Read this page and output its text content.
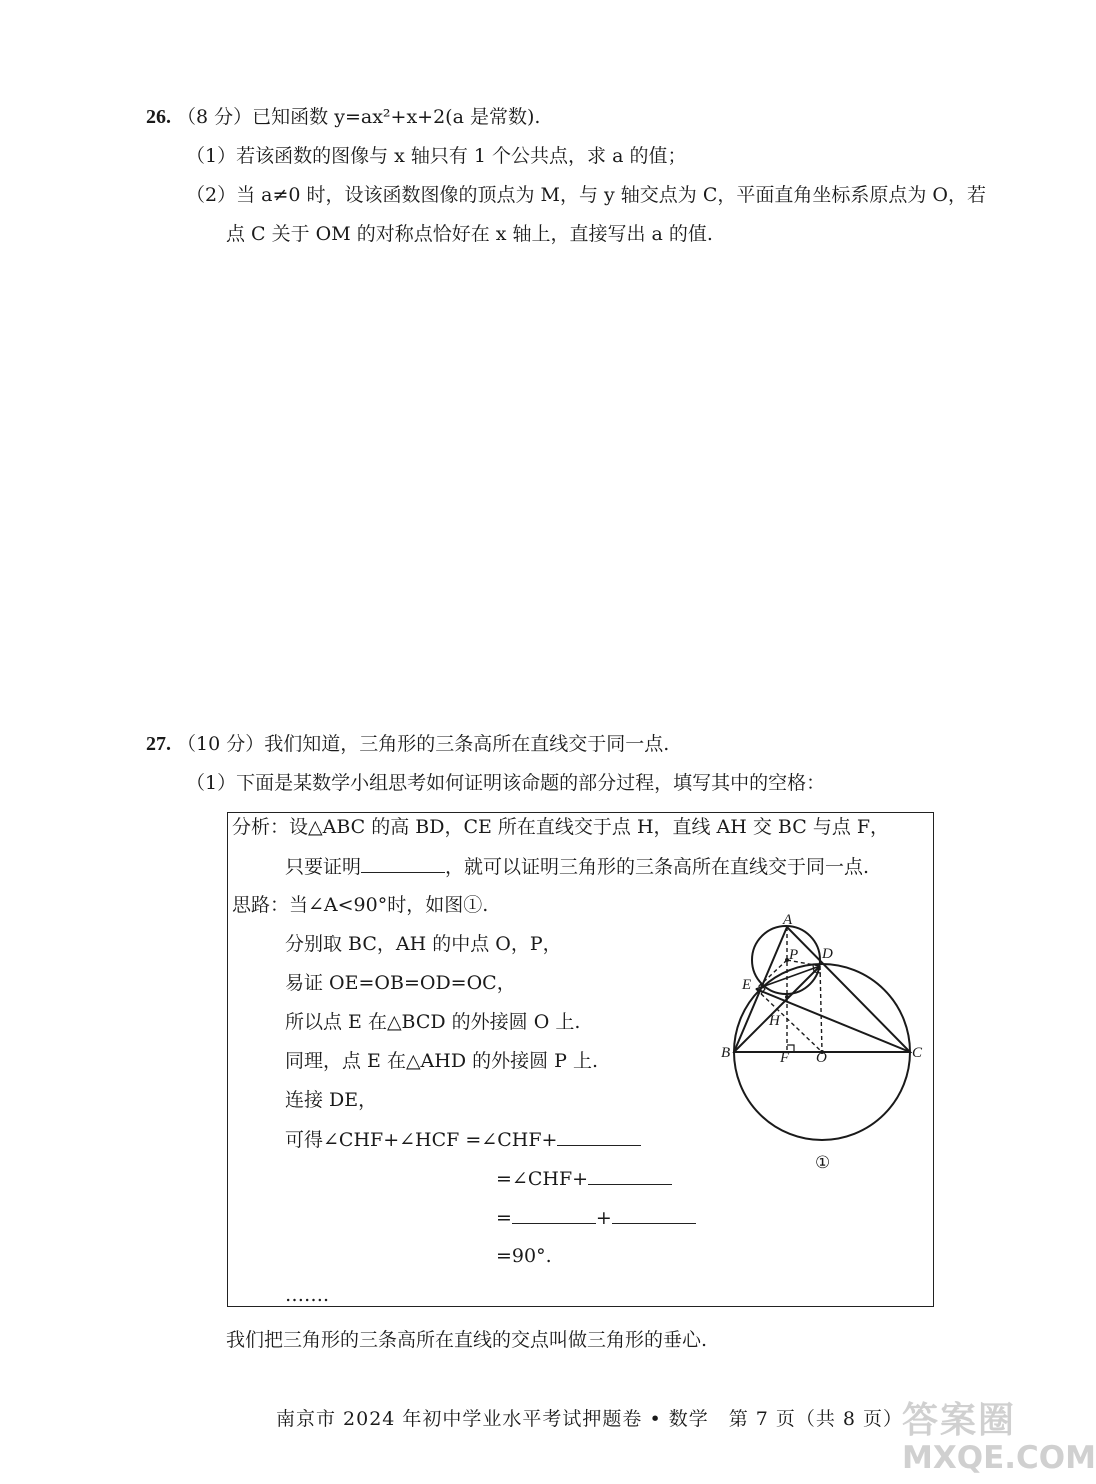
26. （8 分）已知函数 y=ax²+x+2(a 是常数).
（1）若该函数的图像与 x 轴只有 1 个公共点，求 a 的值；
（2）当 a≠0 时，设该函数图像的顶点为 M，与 y 轴交点为 C，平面直角坐标系原点为 O，若
点 C 关于 OM 的对称点恰好在 x 轴上，直接写出 a 的值.
27. （10 分）我们知道，三角形的三条高所在直线交于同一点.
（1）下面是某数学小组思考如何证明该命题的部分过程，填写其中的空格：
分析：设△ABC 的高 BD，CE 所在直线交于点 H，直线 AH 交 BC 与点 F，
只要证明	，就可以证明三角形的三条高所在直线交于同一点.
思路：当∠A<90°时，如图①.
分别取 BC，AH 的中点 O，P，
易证 OE=OB=OD=OC，
所以点 E 在△BCD 的外接圆 O 上.
同理，点 E 在△AHD 的外接圆 P 上.
连接 DE，
可得∠CHF+∠HCF =∠CHF+
=∠CHF+
=	+
=90°.
…….
A
P D
E
H
B	F O	C
①
我们把三角形的三条高所在直线的交点叫做三角形的垂心.
南京市 2024 年初中学业水平考试押题卷 • 数学　第 7 页（共 8 页）
答案圈
MXQE.COM
